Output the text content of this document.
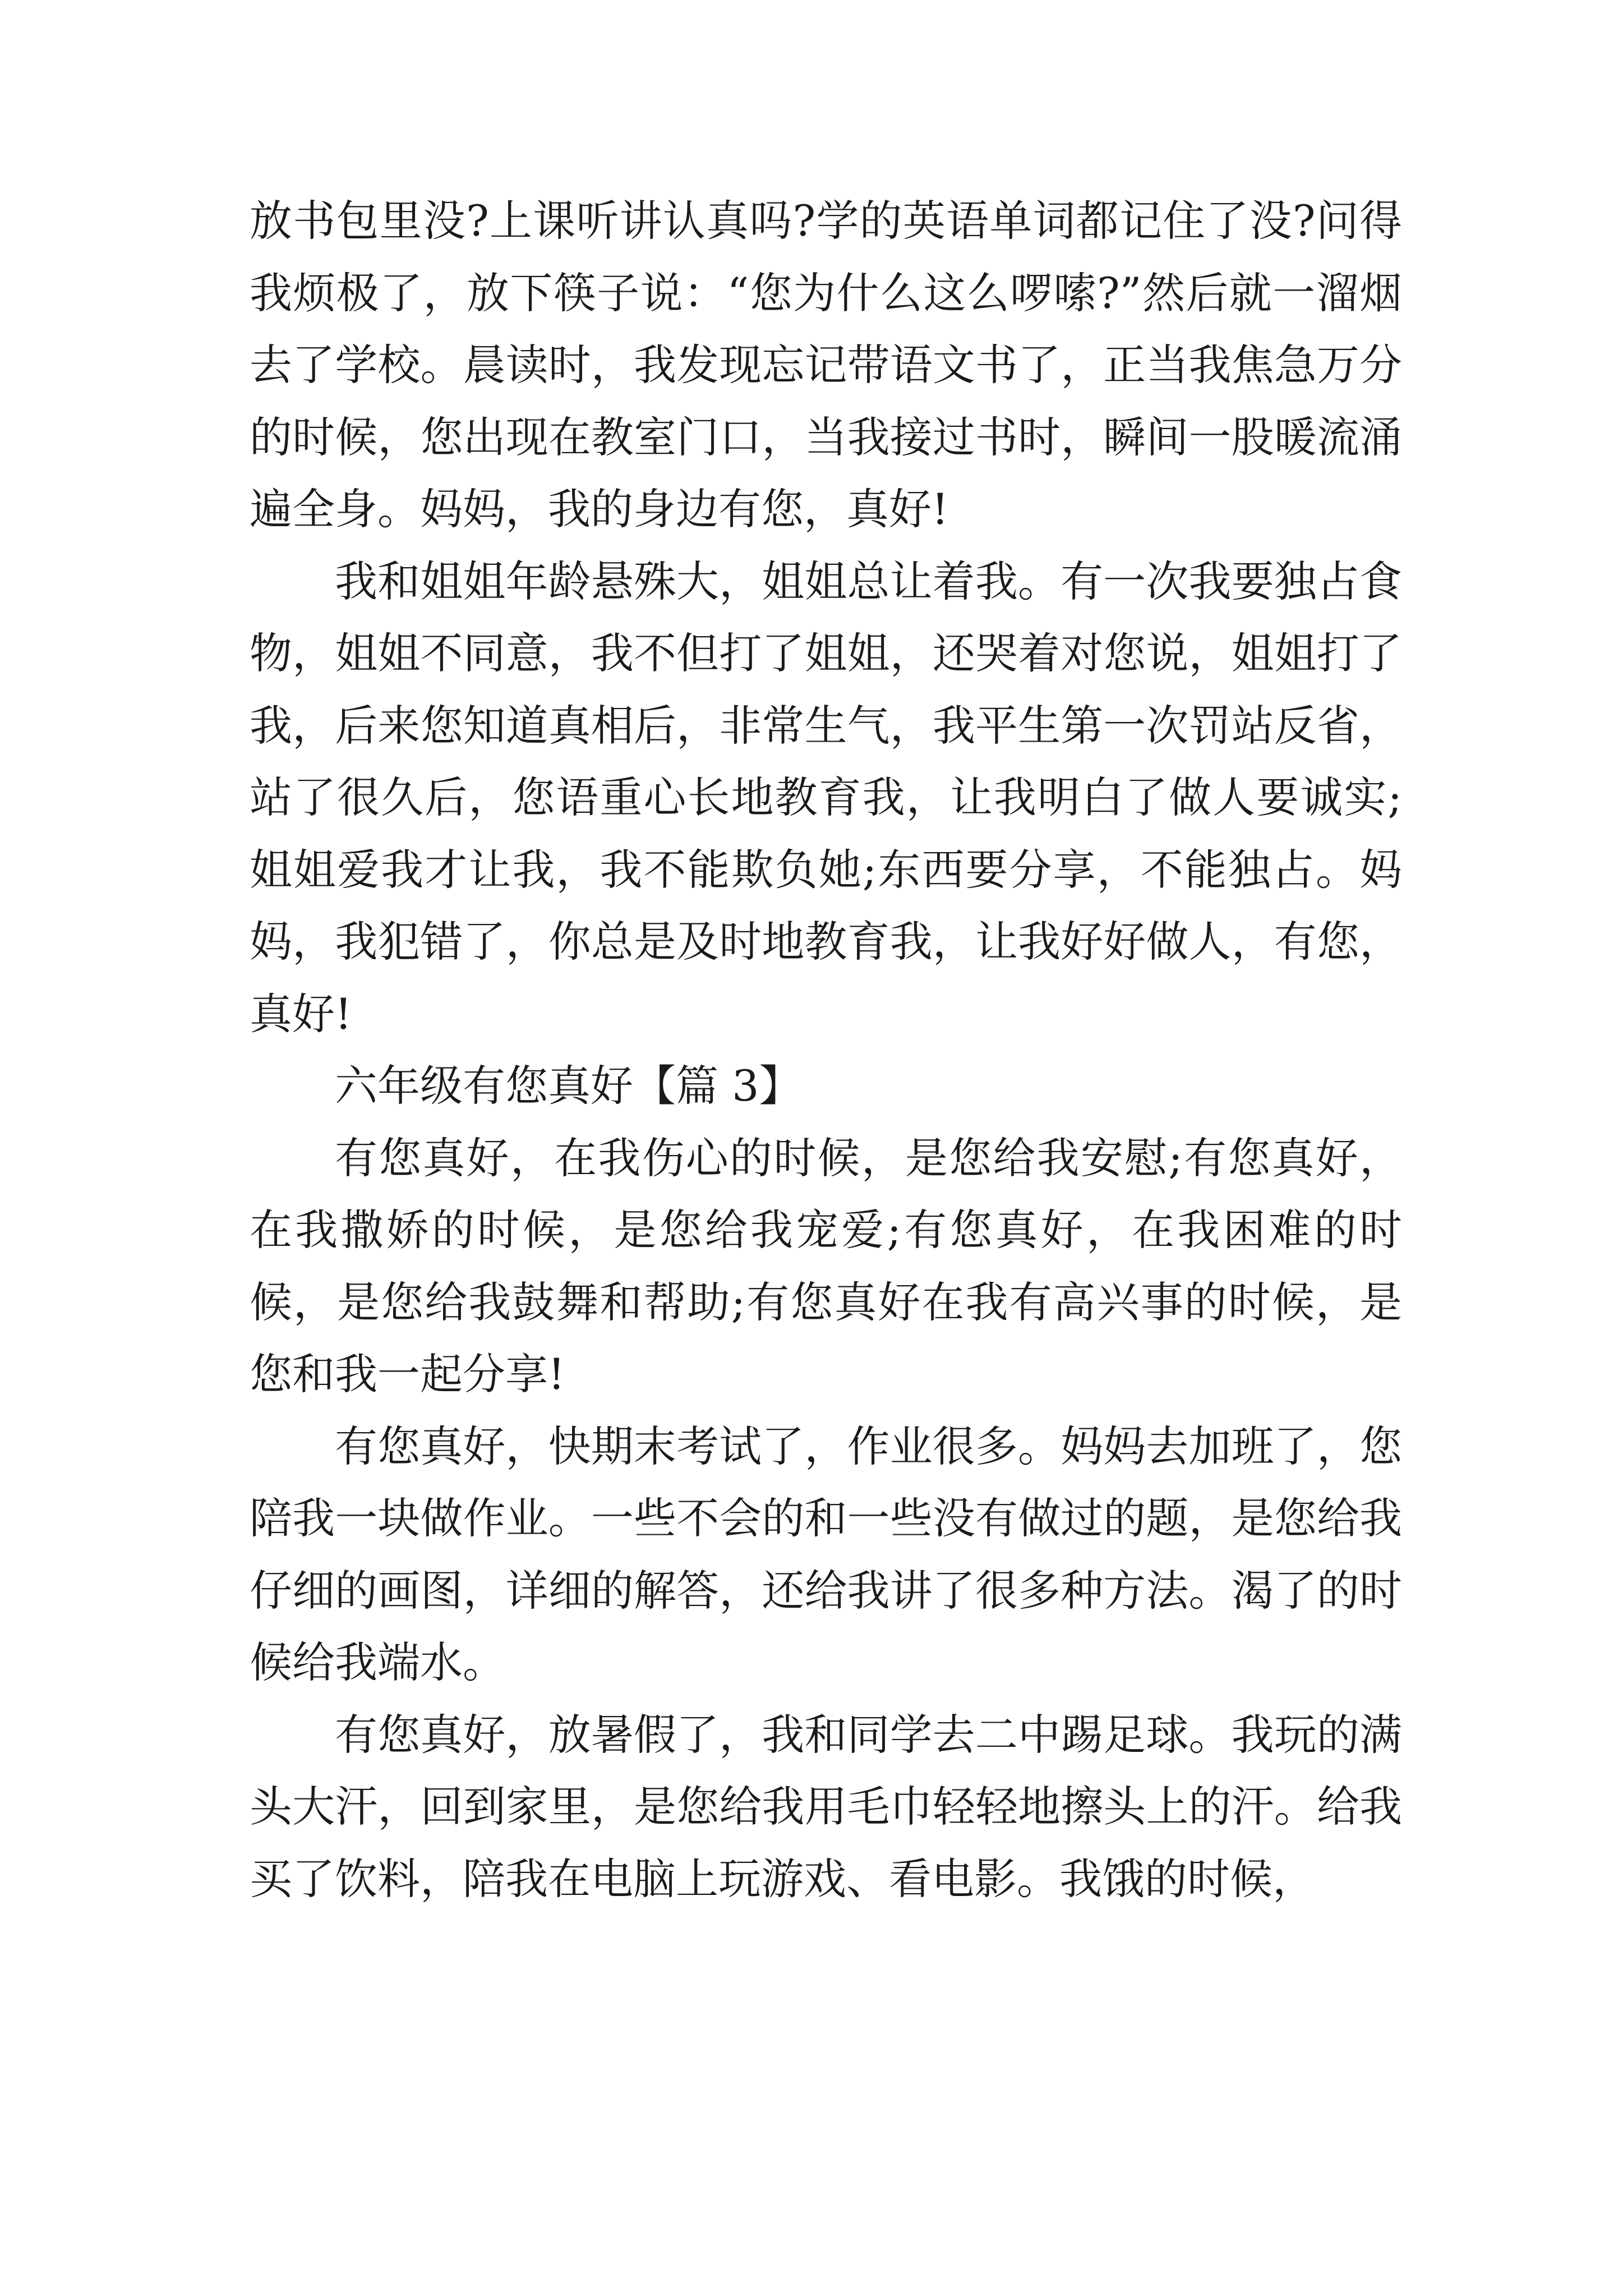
放书包里没?上课听讲认真吗?学的英语单词都记住了没?问得我烦极了，放下筷子说：“您为什么这么啰嗦?”然后就一溜烟去了学校。晨读时，我发现忘记带语文书了，正当我焦急万分的时候，您出现在教室门口，当我接过书时，瞬间一股暖流涌遍全身。妈妈，我的身边有您，真好!

我和姐姐年龄悬殊大，姐姐总让着我。有一次我要独占食物，姐姐不同意，我不但打了姐姐，还哭着对您说，姐姐打了我，后来您知道真相后，非常生气，我平生第一次罚站反省，站了很久后，您语重心长地教育我，让我明白了做人要诚实;姐姐爱我才让我，我不能欺负她;东西要分享，不能独占。妈妈，我犯错了，你总是及时地教育我，让我好好做人，有您，真好!

六年级有您真好【篇 3】

有您真好，在我伤心的时候，是您给我安慰;有您真好，在我撒娇的时候，是您给我宠爱;有您真好，在我困难的时候，是您给我鼓舞和帮助;有您真好在我有高兴事的时候，是您和我一起分享!

有您真好，快期末考试了，作业很多。妈妈去加班了，您陪我一块做作业。一些不会的和一些没有做过的题，是您给我仔细的画图，详细的解答，还给我讲了很多种方法。渴了的时候给我端水。

有您真好，放暑假了，我和同学去二中踢足球。我玩的满头大汗，回到家里，是您给我用毛巾轻轻地擦头上的汗。给我买了饮料，陪我在电脑上玩游戏、看电影。我饿的时候，
